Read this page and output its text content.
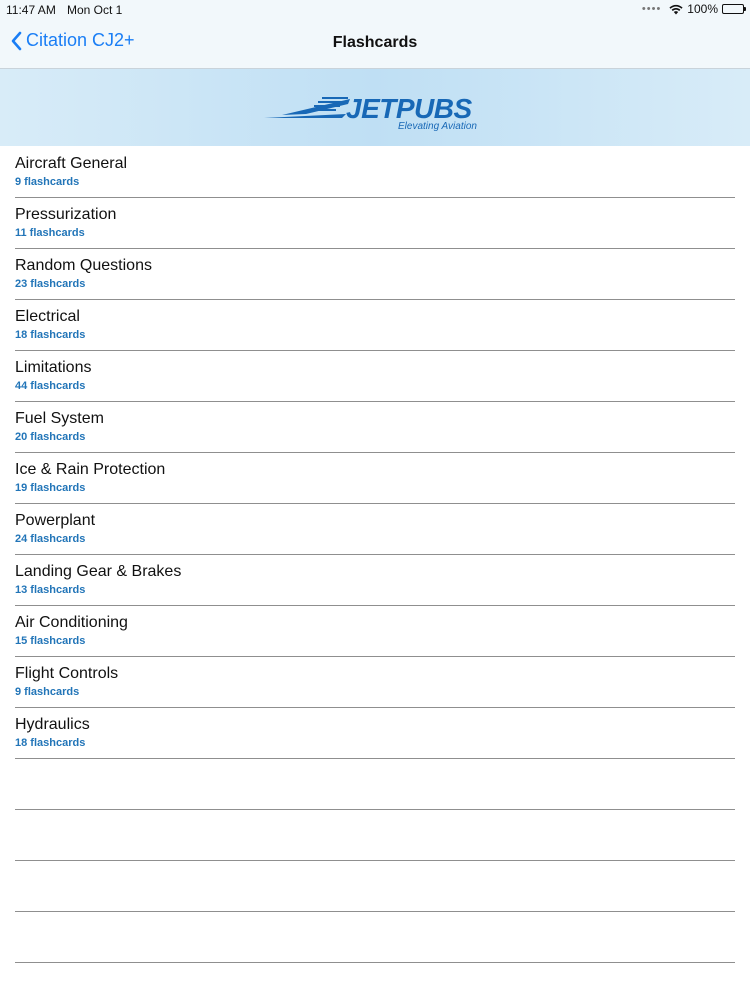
11:47 AM Mon Oct 1	•••• 100%
Citation CJ2+	Flashcards
JETPUBS
Elevating Aviation
Aircraft General
9 flashcards
Pressurization
11 flashcards
Random Questions
23 flashcards
Electrical
18 flashcards
Limitations
44 flashcards
Fuel System
20 flashcards
Ice & Rain Protection
19 flashcards
Powerplant
24 flashcards
Landing Gear & Brakes
13 flashcards
Air Conditioning
15 flashcards
Flight Controls
9 flashcards
Hydraulics
18 flashcards
